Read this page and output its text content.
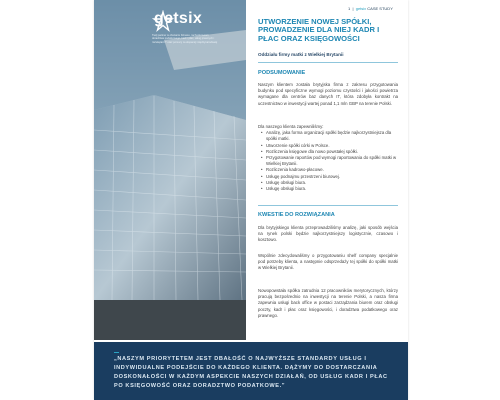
1  |  getsix CASE STUDY
getsix
Twój partner w obszarze biznesu, rachunkowości, doradztwa podatkowego, kadr i płac, usług prawnych i rozwiązań IT oraz pomocy w ekspansji międzynarodowej
UTWORZENIE NOWEJ SPÓŁKI, PROWADZENIE DLA NIEJ KADR I PŁAC ORAZ KSIĘGOWOŚCI
Oddziału firmy matki z Wielkiej Brytanii
PODSUMOWANIE

Naszym klientem została brytyjska firma z zakresu przygotowania budynku pod specyficzne wymogi poziomu czystości i jakości powietrza wymagane dla centrów baz danych IT, która zdobyła kontrakt na uczestnictwo w inwestycji wartej ponad 1,1 mln GBP na terenie Polski.

Dla naszego klienta zapewniliśmy:

• Analizę, jaka forma organizacji spółki będzie najkorzystniejsza dla spółki matki.
• Utworzenie spółki córki w Polsce.
• Rozliczenia księgowe dla nowo powstałej spółki.
• Przygotowanie raportów pod wymogi raportowania do spółki matki w Wielkiej Brytanii.
• Rozliczenia kadrowo-płacowe.
• Usługę podnajmu przestrzeni biurowej.
• Usługę obsługi biura.
• Usługę obsługi biura.
KWESTIE DO ROZWIĄZANIA

Dla brytyjskiego klienta przeprowadziliśmy analizę, jaki sposób wejścia na rynek polski będzie najkorzystniejszy logistycznie, czasowo i kosztowo.

Wspólnie zdecydowaliśmy o przygotowaniu shelf company specjalnie pod potrzeby klienta, a następnie odsprzedaży tej spółki do spółki matki w Wielkiej Brytanii.

Nowopowstała spółka zatrudnia 12 pracowników merytorycznych, którzy pracują bezpośrednio na inwestycji na terenie Polski, a nasza firma zapewnia usługi back office w postaci zarządzania biurem oraz obsługi poczty, kadr i płac oraz księgowości, i doradztwa podatkowego oraz prawnego.

„NASZYM PRIORYTETEM JEST DBAŁOŚĆ O NAJWYŻSZE STANDARDY USŁUG I INDYWIDUALNE PODEJŚCIE DO KAŻDEGO KLIENTA. DĄŻYMY DO DOSTARCZANIA DOSKONAŁOŚCI W KAŻDYM ASPEKCIE NASZYCH DZIAŁAŃ, OD USŁUG KADR I PŁAC PO KSIĘGOWOŚĆ ORAZ DORADZTWO PODATKOWE.”
